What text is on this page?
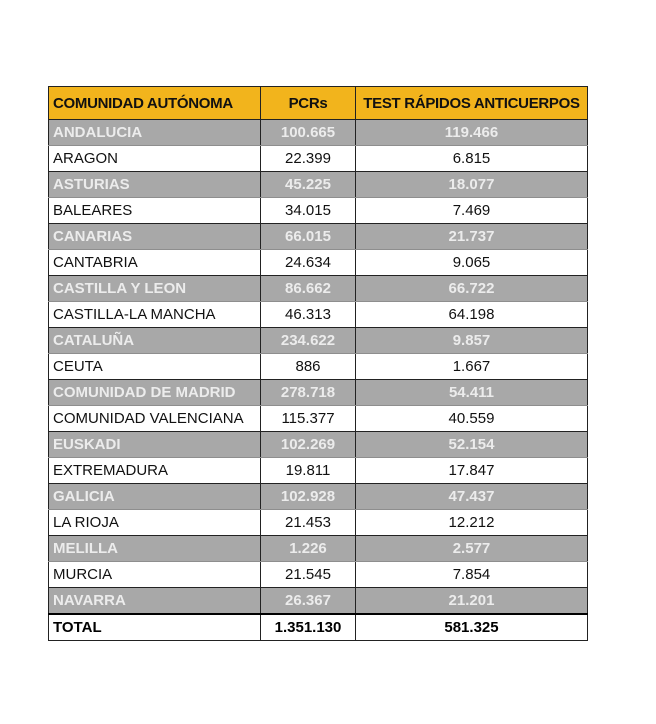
COMUNIDAD AUTÓNOMA	PCRs	TEST RÁPIDOS ANTICUERPOS
ANDALUCIA	100.665	119.466
ARAGON	22.399	6.815
ASTURIAS	45.225	18.077
BALEARES	34.015	7.469
CANARIAS	66.015	21.737
CANTABRIA	24.634	9.065
CASTILLA Y LEON	86.662	66.722
CASTILLA-LA MANCHA	46.313	64.198
CATALUÑA	234.622	9.857
CEUTA	886	1.667
COMUNIDAD DE MADRID	278.718	54.411
COMUNIDAD VALENCIANA	115.377	40.559
EUSKADI	102.269	52.154
EXTREMADURA	19.811	17.847
GALICIA	102.928	47.437
LA RIOJA	21.453	12.212
MELILLA	1.226	2.577
MURCIA	21.545	7.854
NAVARRA	26.367	21.201
TOTAL	1.351.130	581.325
